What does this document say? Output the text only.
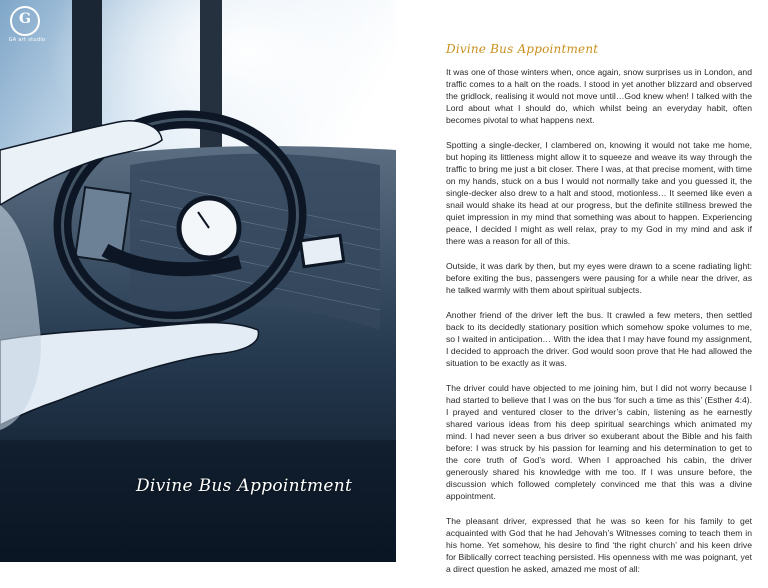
G
GA art studio
Divine Bus Appointment
Divine Bus Appointment

It was one of those winters when, once again, snow surprises us in London, and traffic comes to a halt on the roads. I stood in yet another blizzard and observed the gridlock, realising it would not move until…God knew when! I talked with the Lord about what I should do, which whilst being an everyday habit, often becomes pivotal to what happens next.

Spotting a single-decker, I clambered on, knowing it would not take me home, but hoping its littleness might allow it to squeeze and weave its way through the traffic to bring me just a bit closer. There I was, at that precise moment, with time on my hands, stuck on a bus I would not normally take and you guessed it, the single-decker also drew to a halt and stood, motionless… It seemed like even a snail would shake its head at our progress, but the definite stillness brewed the quiet impression in my mind that something was about to happen. Experiencing peace, I decided I might as well relax, pray to my God in my mind and ask if there was a reason for all of this.

Outside, it was dark by then, but my eyes were drawn to a scene radiating light: before exiting the bus, passengers were pausing for a while near the driver, as he talked warmly with them about spiritual subjects.

Another friend of the driver left the bus. It crawled a few meters, then settled back to its decidedly stationary position which somehow spoke volumes to me, so I waited in anticipation… With the idea that I may have found my assignment, I decided to approach the driver. God would soon prove that He had allowed the situation to be exactly as it was.

The driver could have objected to me joining him, but I did not worry because I had started to believe that I was on the bus ‘for such a time as this’ (Esther 4:4). I prayed and ventured closer to the driver’s cabin, listening as he earnestly shared various ideas from his deep spiritual searchings which animated my mind. I had never seen a bus driver so exuberant about the Bible and his faith before: I was struck by his passion for learning and his determination to get to the core truth of God’s word. When I approached his cabin, the driver generously shared his knowledge with me too. If I was unsure before, the discussion which followed completely convinced me that this was a divine appointment.

The pleasant driver, expressed that he was so keen for his family to get acquainted with God that he had Jehovah’s Witnesses coming to teach them in his home. Yet somehow, his desire to find ‘the right church’ and his keen drive for Biblically correct teaching persisted. His openness with me was poignant, yet a direct question he asked, amazed me most of all:
